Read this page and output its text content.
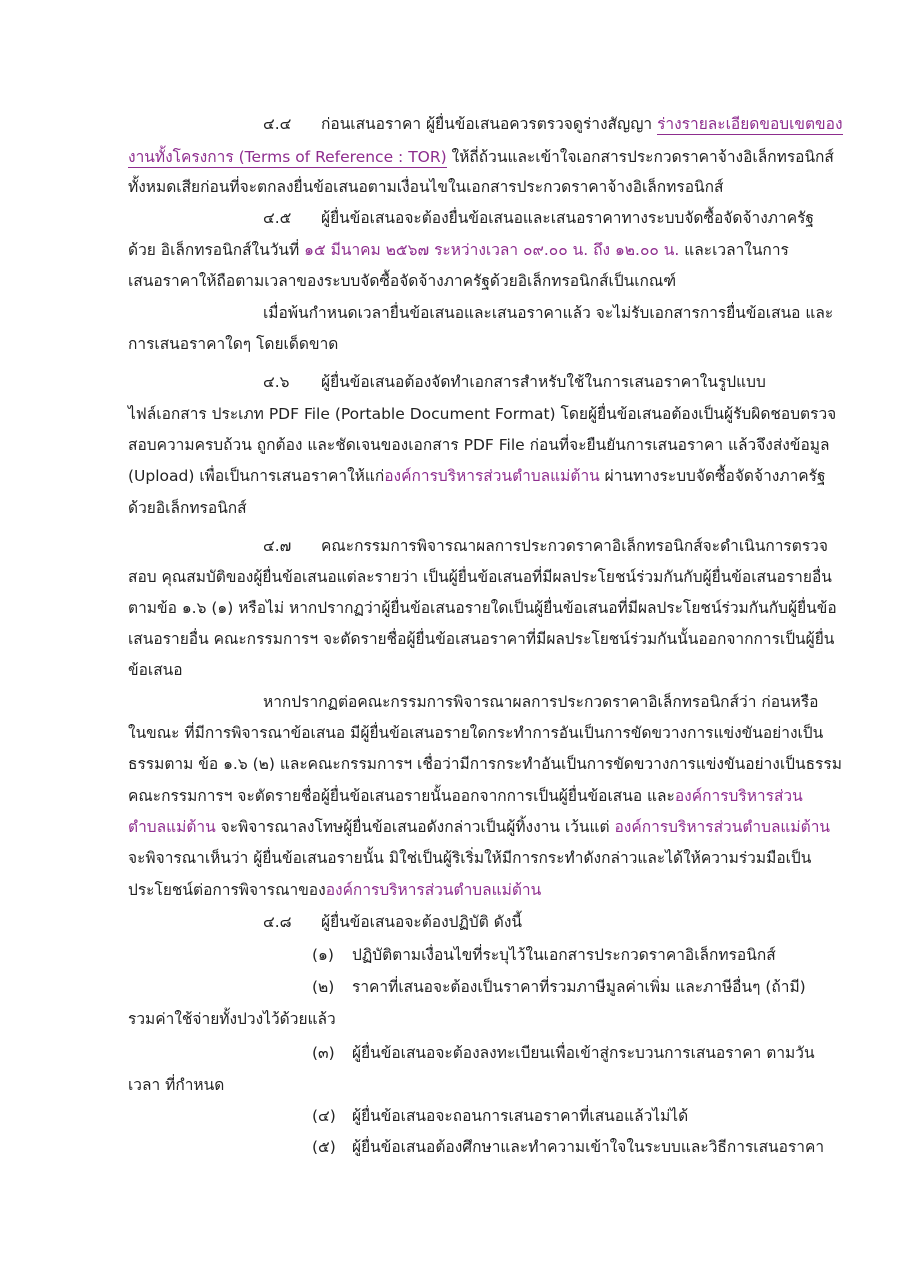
๔.๔ ก่อนเสนอราคา ผู้ยื่นข้อเสนอควรตรวจดูร่างสัญญา ร่างรายละเอียดขอบเขตของ
งานทั้งโครงการ (Terms of Reference : TOR) ให้ถี่ถ้วนและเข้าใจเอกสารประกวดราคาจ้างอิเล็กทรอนิกส์
ทั้งหมดเสียก่อนที่จะตกลงยื่นข้อเสนอตามเงื่อนไขในเอกสารประกวดราคาจ้างอิเล็กทรอนิกส์
๔.๕ ผู้ยื่นข้อเสนอจะต้องยื่นข้อเสนอและเสนอราคาทางระบบจัดซื้อจัดจ้างภาครัฐ
ด้วย อิเล็กทรอนิกส์ในวันที่ ๑๕ มีนาคม ๒๕๖๗ ระหว่างเวลา ๐๙.๐๐ น. ถึง ๑๒.๐๐ น. และเวลาในการ
เสนอราคาให้ถือตามเวลาของระบบจัดซื้อจัดจ้างภาครัฐด้วยอิเล็กทรอนิกส์เป็นเกณฑ์
เมื่อพ้นกำหนดเวลายื่นข้อเสนอและเสนอราคาแล้ว จะไม่รับเอกสารการยื่นข้อเสนอ และ
การเสนอราคาใดๆ โดยเด็ดขาด
๔.๖ ผู้ยื่นข้อเสนอต้องจัดทำเอกสารสำหรับใช้ในการเสนอราคาในรูปแบบ
ไฟล์เอกสาร ประเภท PDF File (Portable Document Format) โดยผู้ยื่นข้อเสนอต้องเป็นผู้รับผิดชอบตรวจ
สอบความครบถ้วน ถูกต้อง และชัดเจนของเอกสาร PDF File ก่อนที่จะยืนยันการเสนอราคา แล้วจึงส่งข้อมูล
(Upload) เพื่อเป็นการเสนอราคาให้แก่องค์การบริหารส่วนตำบลแม่ต้าน ผ่านทางระบบจัดซื้อจัดจ้างภาครัฐ
ด้วยอิเล็กทรอนิกส์
๔.๗ คณะกรรมการพิจารณาผลการประกวดราคาอิเล็กทรอนิกส์จะดำเนินการตรวจ
สอบ คุณสมบัติของผู้ยื่นข้อเสนอแต่ละรายว่า เป็นผู้ยื่นข้อเสนอที่มีผลประโยชน์ร่วมกันกับผู้ยื่นข้อเสนอรายอื่น
ตามข้อ ๑.๖ (๑) หรือไม่ หากปรากฏว่าผู้ยื่นข้อเสนอรายใดเป็นผู้ยื่นข้อเสนอที่มีผลประโยชน์ร่วมกันกับผู้ยื่นข้อ
เสนอรายอื่น คณะกรรมการฯ จะตัดรายชื่อผู้ยื่นข้อเสนอราคาที่มีผลประโยชน์ร่วมกันนั้นออกจากการเป็นผู้ยื่น
ข้อเสนอ
หากปรากฏต่อคณะกรรมการพิจารณาผลการประกวดราคาอิเล็กทรอนิกส์ว่า ก่อนหรือ
ในขณะ ที่มีการพิจารณาข้อเสนอ มีผู้ยื่นข้อเสนอรายใดกระทำการอันเป็นการขัดขวางการแข่งขันอย่างเป็น
ธรรมตาม ข้อ ๑.๖ (๒) และคณะกรรมการฯ เชื่อว่ามีการกระทำอันเป็นการขัดขวางการแข่งขันอย่างเป็นธรรม
คณะกรรมการฯ จะตัดรายชื่อผู้ยื่นข้อเสนอรายนั้นออกจากการเป็นผู้ยื่นข้อเสนอ และองค์การบริหารส่วน
ตำบลแม่ต้าน จะพิจารณาลงโทษผู้ยื่นข้อเสนอดังกล่าวเป็นผู้ทิ้งงาน เว้นแต่ องค์การบริหารส่วนตำบลแม่ต้าน
จะพิจารณาเห็นว่า ผู้ยื่นข้อเสนอรายนั้น มิใช่เป็นผู้ริเริ่มให้มีการกระทำดังกล่าวและได้ให้ความร่วมมือเป็น
ประโยชน์ต่อการพิจารณาขององค์การบริหารส่วนตำบลแม่ต้าน
๔.๘ ผู้ยื่นข้อเสนอจะต้องปฏิบัติ ดังนี้
(๑) ปฏิบัติตามเงื่อนไขที่ระบุไว้ในเอกสารประกวดราคาอิเล็กทรอนิกส์
(๒) ราคาที่เสนอจะต้องเป็นราคาที่รวมภาษีมูลค่าเพิ่ม และภาษีอื่นๆ (ถ้ามี)
รวมค่าใช้จ่ายทั้งปวงไว้ด้วยแล้ว
(๓) ผู้ยื่นข้อเสนอจะต้องลงทะเบียนเพื่อเข้าสู่กระบวนการเสนอราคา ตามวัน
เวลา ที่กำหนด
(๔) ผู้ยื่นข้อเสนอจะถอนการเสนอราคาที่เสนอแล้วไม่ได้
(๕) ผู้ยื่นข้อเสนอต้องศึกษาและทำความเข้าใจในระบบและวิธีการเสนอราคา
